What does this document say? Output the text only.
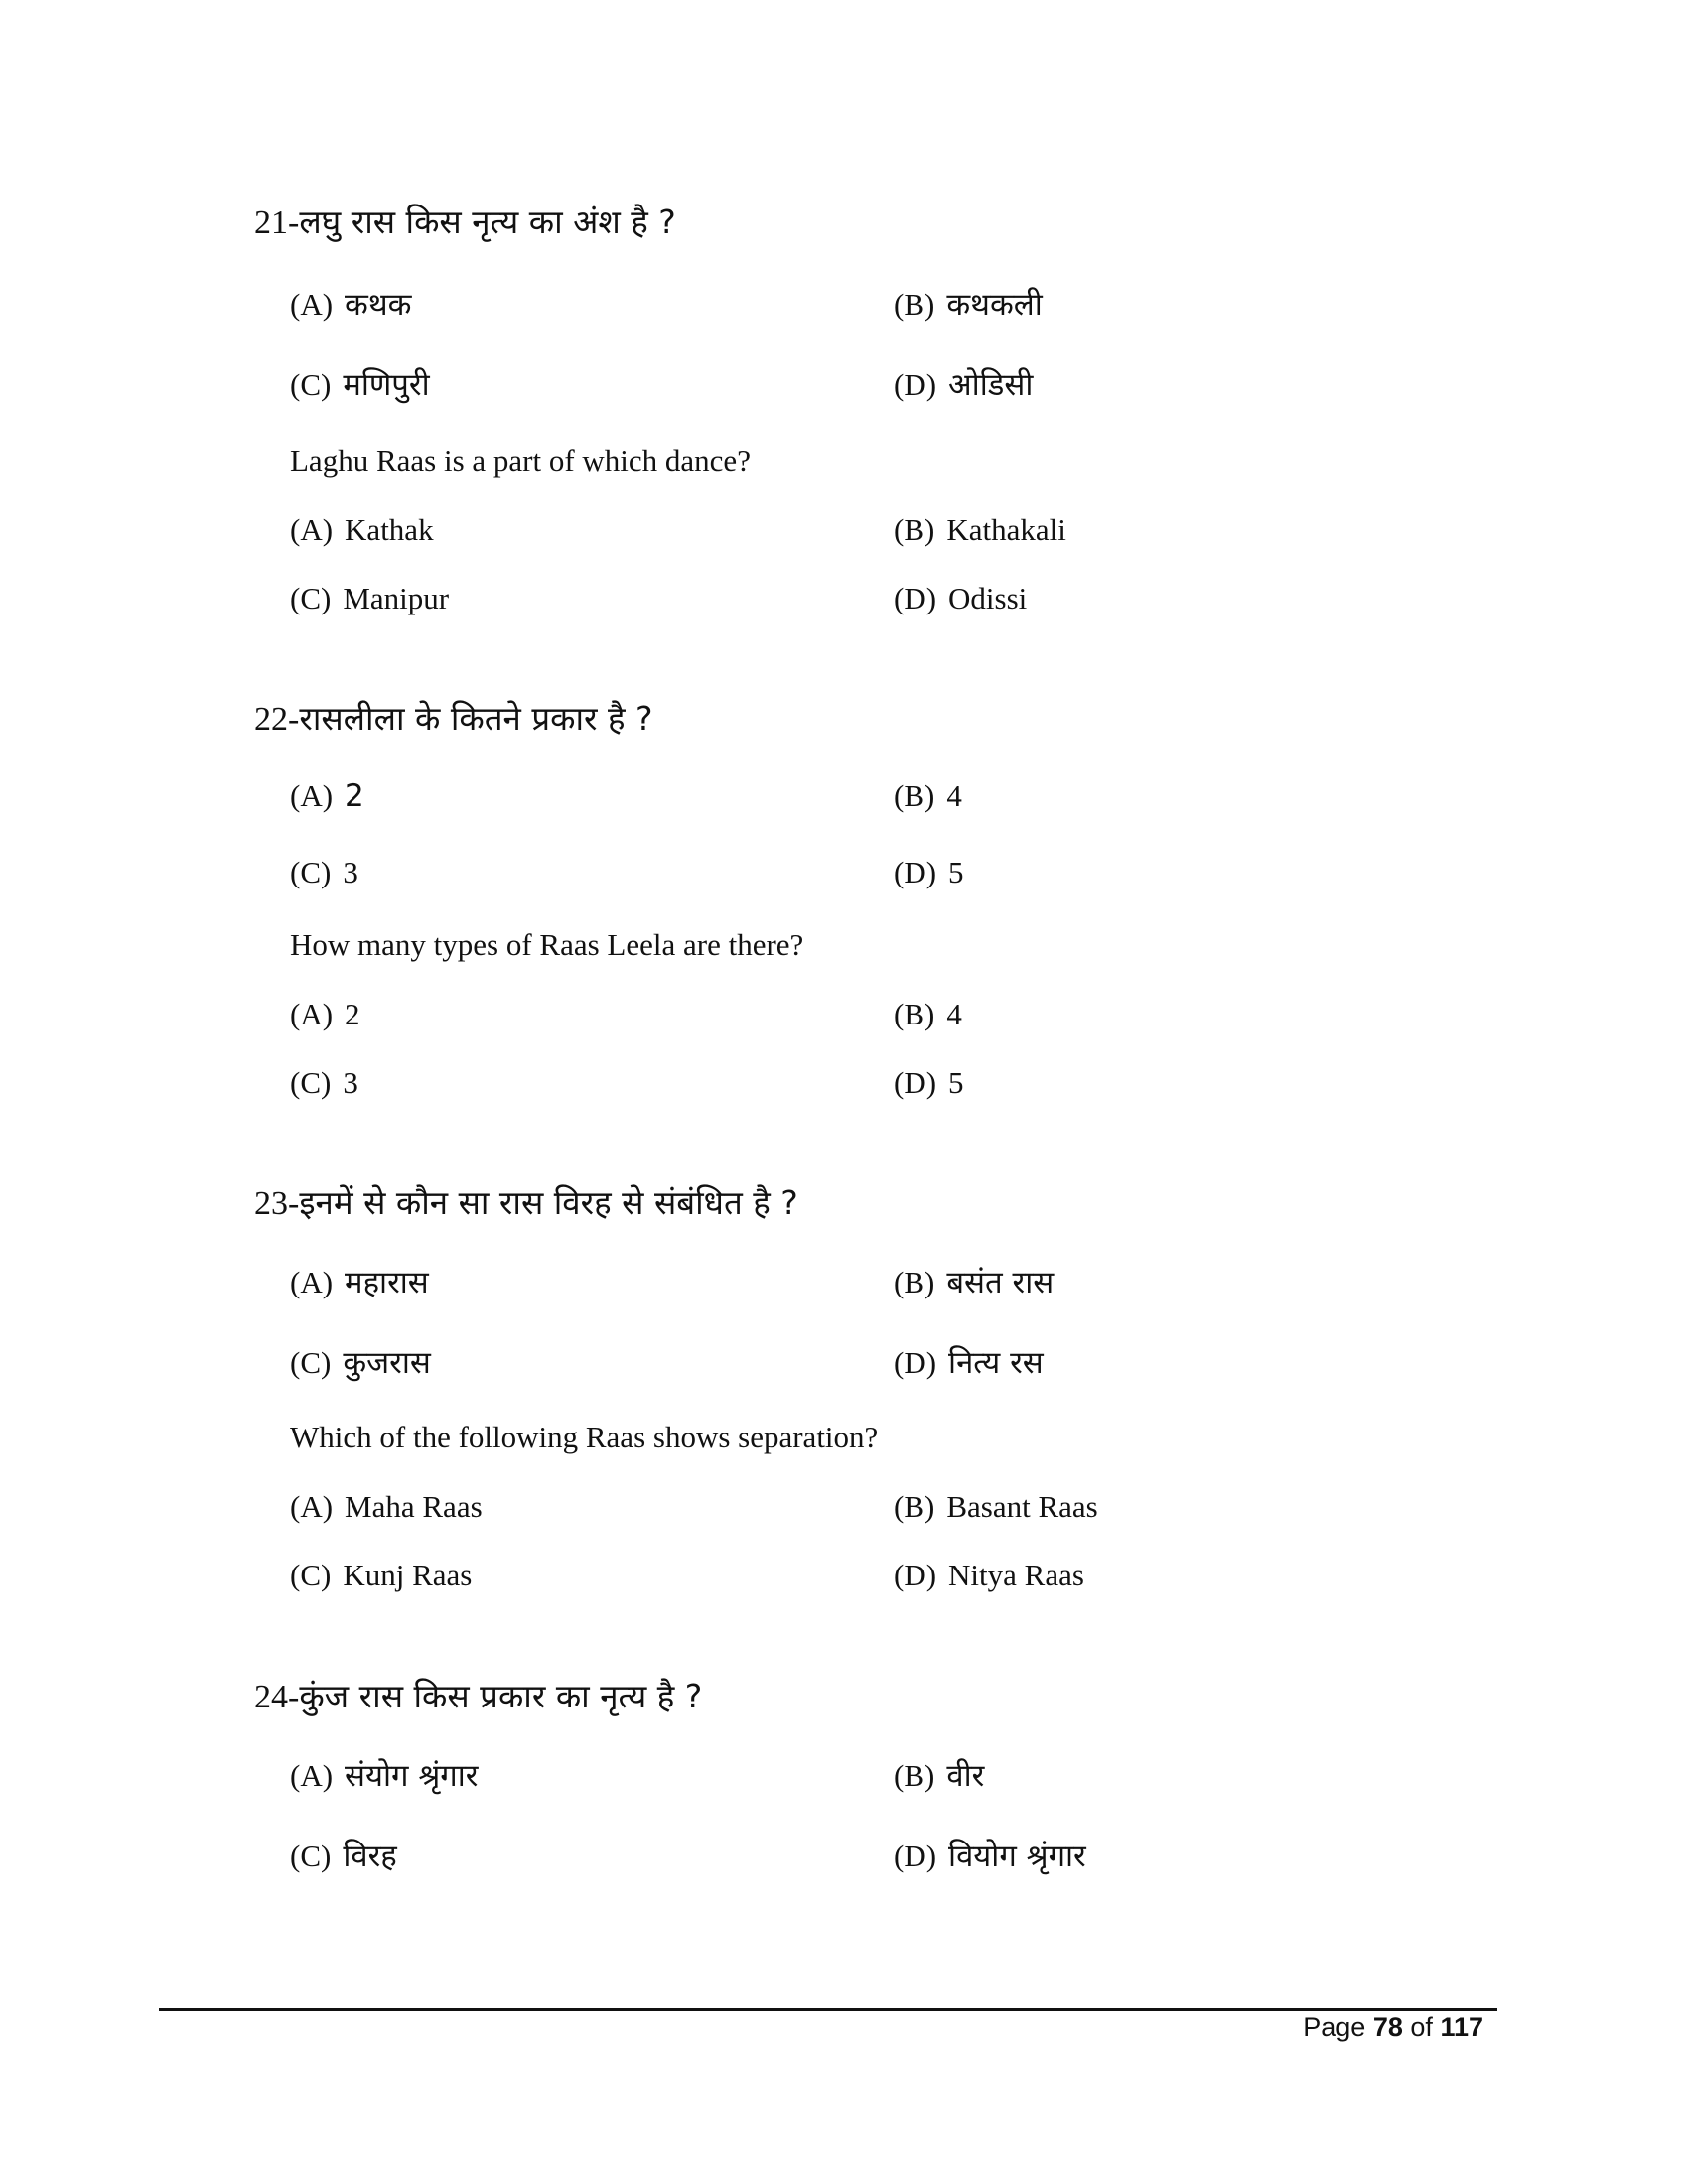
21-लघु रास किस नृत्य का अंश है ?
(A) कथक	(B) कथकली
(C) मणिपुरी	(D) ओडिसी
Laghu Raas is a part of which dance?
(A) Kathak	(B) Kathakali
(C) Manipur	(D) Odissi
22-रासलीला के कितने प्रकार है ?
(A) 2	(B) 4
(C) 3	(D) 5
How many types of Raas Leela are there?
(A) 2	(B) 4
(C) 3	(D) 5
23-इनमें से कौन सा रास विरह से संबंधित है ?
(A) महारास	(B) बसंत रास
(C) कुजरास	(D) नित्य रस
Which of the following Raas shows separation?
(A) Maha Raas	(B) Basant Raas
(C) Kunj Raas	(D) Nitya Raas
24-कुंज रास किस प्रकार का नृत्य है ?
(A) संयोग श्रृंगार	(B) वीर
(C) विरह	(D) वियोग श्रृंगार
Page 78 of 117
